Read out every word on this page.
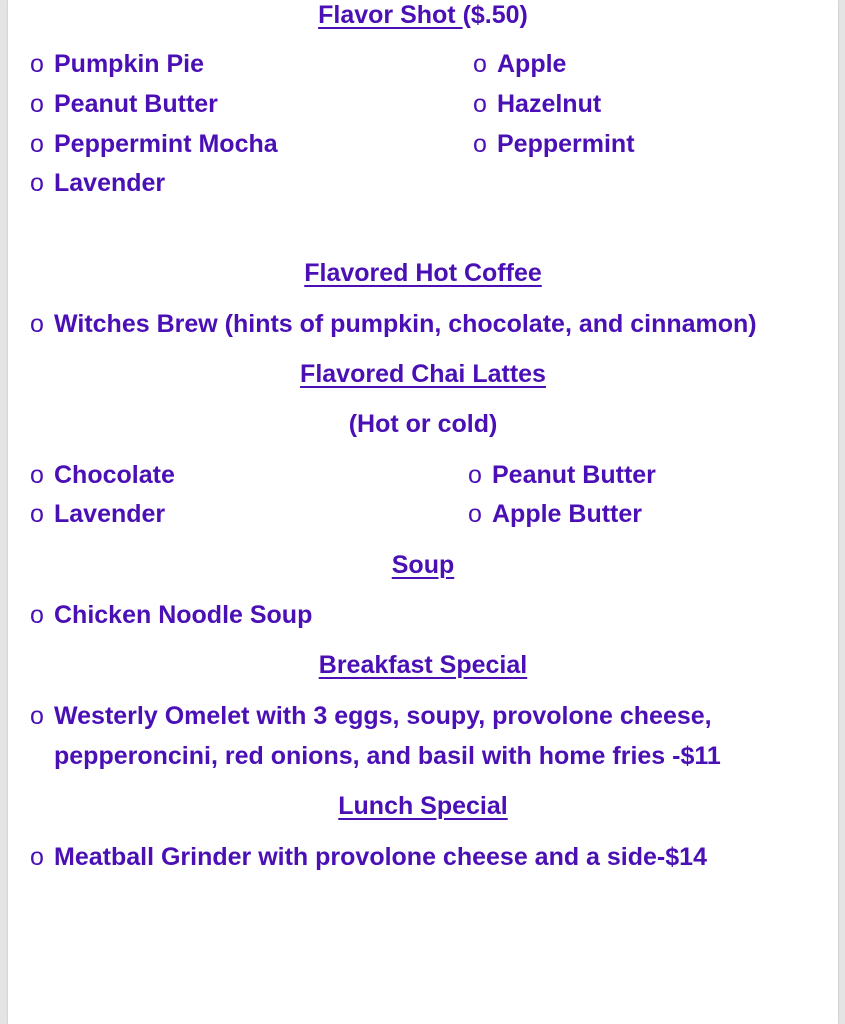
Flavor Shot ($.50)
o Pumpkin Pie
o Peanut Butter
o Peppermint Mocha
o Lavender
o Apple
o Hazelnut
o Peppermint
Flavored Hot Coffee
o Witches Brew (hints of pumpkin, chocolate, and cinnamon)
Flavored Chai Lattes
(Hot or cold)
o Chocolate
o Lavender
o Peanut Butter
o Apple Butter
Soup
o Chicken Noodle Soup
Breakfast Special
o Westerly Omelet with 3 eggs, soupy, provolone cheese,
pepperoncini, red onions, and basil with home fries -$11
Lunch Special
o Meatball Grinder with provolone cheese and a side-$14
